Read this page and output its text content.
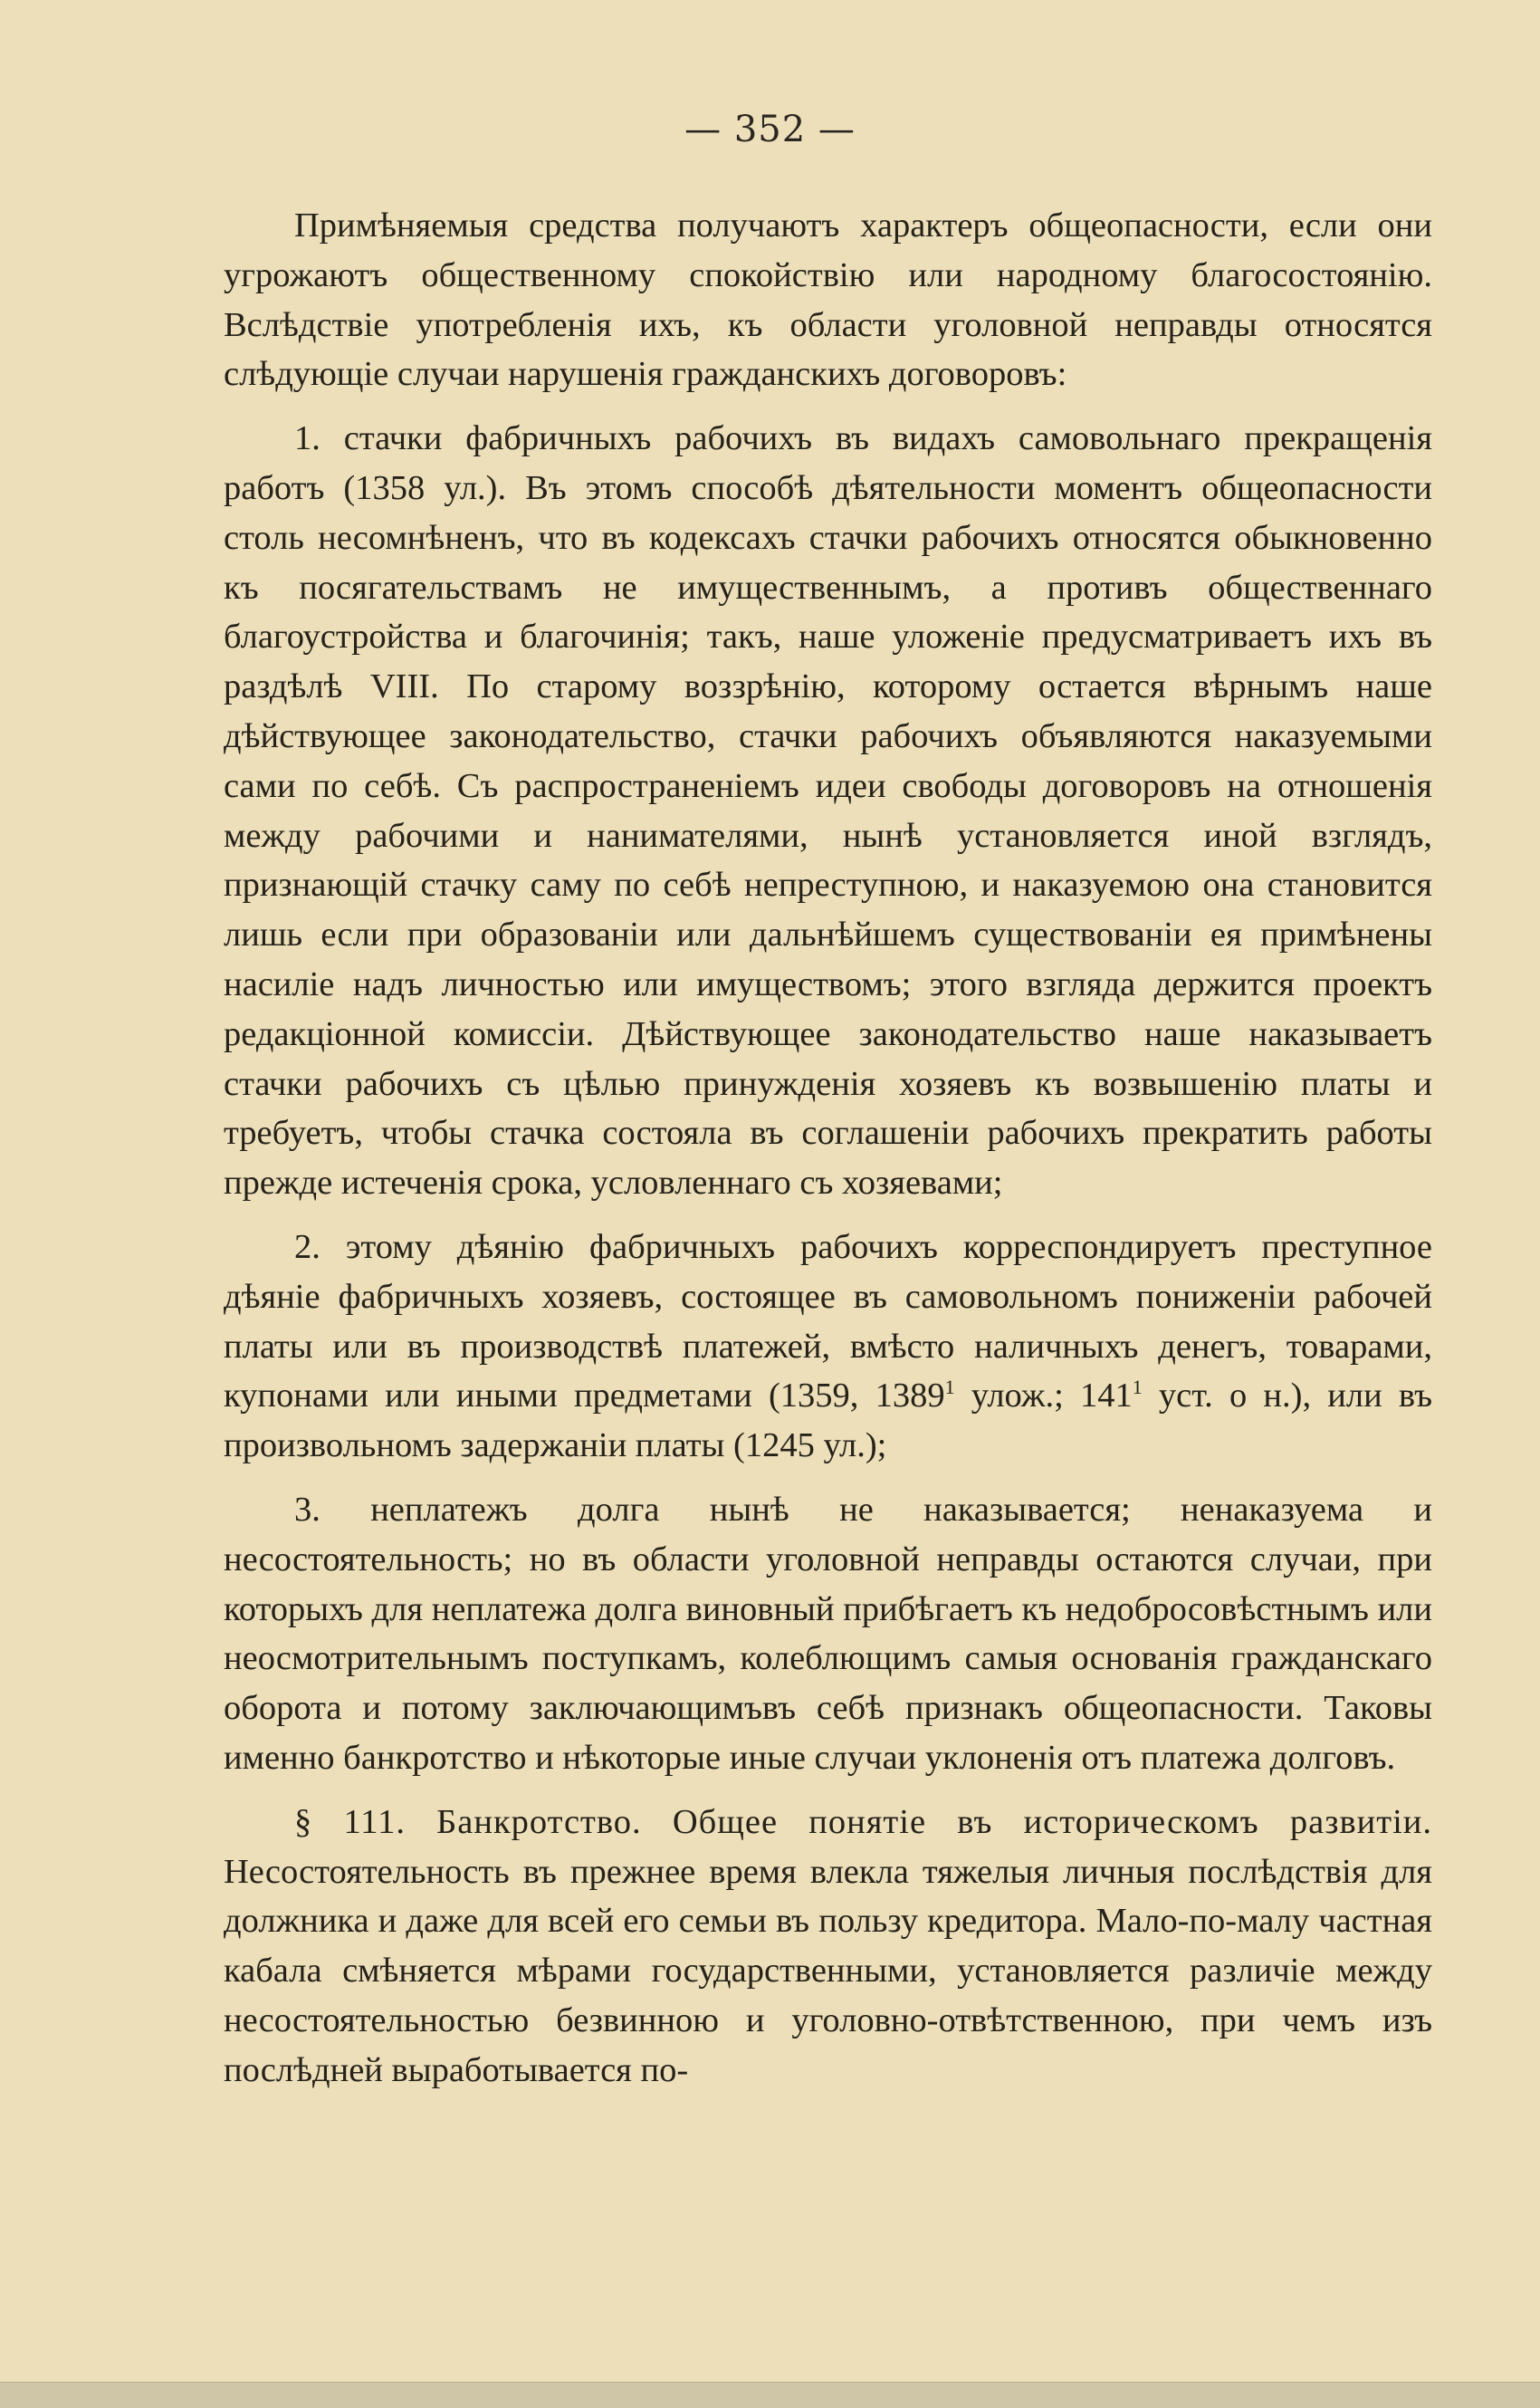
— 352 —

Примѣняемыя средства получаютъ характеръ общеопасности, если они угрожаютъ общественному спокойствію или народному благосостоянію. Вслѣдствіе употребленія ихъ, къ области уголовной неправды относятся слѣдующіе случаи нарушенія гражданскихъ договоровъ:

1. стачки фабричныхъ рабочихъ въ видахъ самовольнаго прекращенія работъ (1358 ул.). Въ этомъ способѣ дѣятельности моментъ общеопасности столь несомнѣненъ, что въ кодексахъ стачки рабочихъ относятся обыкновенно къ посягательствамъ не имущественнымъ, а противъ общественнаго благоустройства и благочинія; такъ, наше уложеніе предусматриваетъ ихъ въ раздѣлѣ VIII. По старому воззрѣнію, которому остается вѣрнымъ наше дѣйствующее законодательство, стачки рабочихъ объявляются наказуемыми сами по себѣ. Съ распространеніемъ идеи свободы договоровъ на отношенія между рабочими и нанимателями, нынѣ установляется иной взглядъ, признающій стачку саму по себѣ непреступною, и наказуемою она становится лишь если при образованіи или дальнѣйшемъ существованіи ея примѣнены насиліе надъ личностью или имуществомъ; этого взгляда держится проектъ редакціонной комиссіи. Дѣйствующее законодательство наше наказываетъ стачки рабочихъ съ цѣлью принужденія хозяевъ къ возвышенію платы и требуетъ, чтобы стачка состояла въ соглашеніи рабочихъ прекратить работы прежде истеченія срока, условленнаго съ хозяевами;

2. этому дѣянію фабричныхъ рабочихъ корреспондируетъ преступное дѣяніе фабричныхъ хозяевъ, состоящее въ самовольномъ пониженіи рабочей платы или въ производствѣ платежей, вмѣсто наличныхъ денегъ, товарами, купонами или иными предметами (1359, 1389$^1$ улож.; $141^1$ уст. о н.), или въ произвольномъ задержаніи платы (1245 ул.);

3. неплатежъ долга нынѣ не наказывается; ненаказуема и несостоятельность; но въ области уголовной неправды остаются случаи, при которыхъ для неплатежа долга виновный прибѣгаетъ къ недобросовѣстнымъ или неосмотрительнымъ поступкамъ, колеблющимъ самыя основанія гражданскаго оборота и потому заключающимъвъ себѣ признакъ общеопасности. Таковы именно банкротство и нѣкоторые иные случаи уклоненія отъ платежа долговъ.

§ 111. Банкротство. Общее понятіе въ историческомъ развитіи. Несостоятельность въ прежнее время влекла тяжелыя личныя послѣдствія для должника и даже для всей его семьи въ пользу кредитора. Мало-по-малу частная кабала смѣняется мѣрами государственными, установляется различіе между несостоятельностью безвинною и уголовно-отвѣтственною, при чемъ изъ послѣдней выработывается по-
